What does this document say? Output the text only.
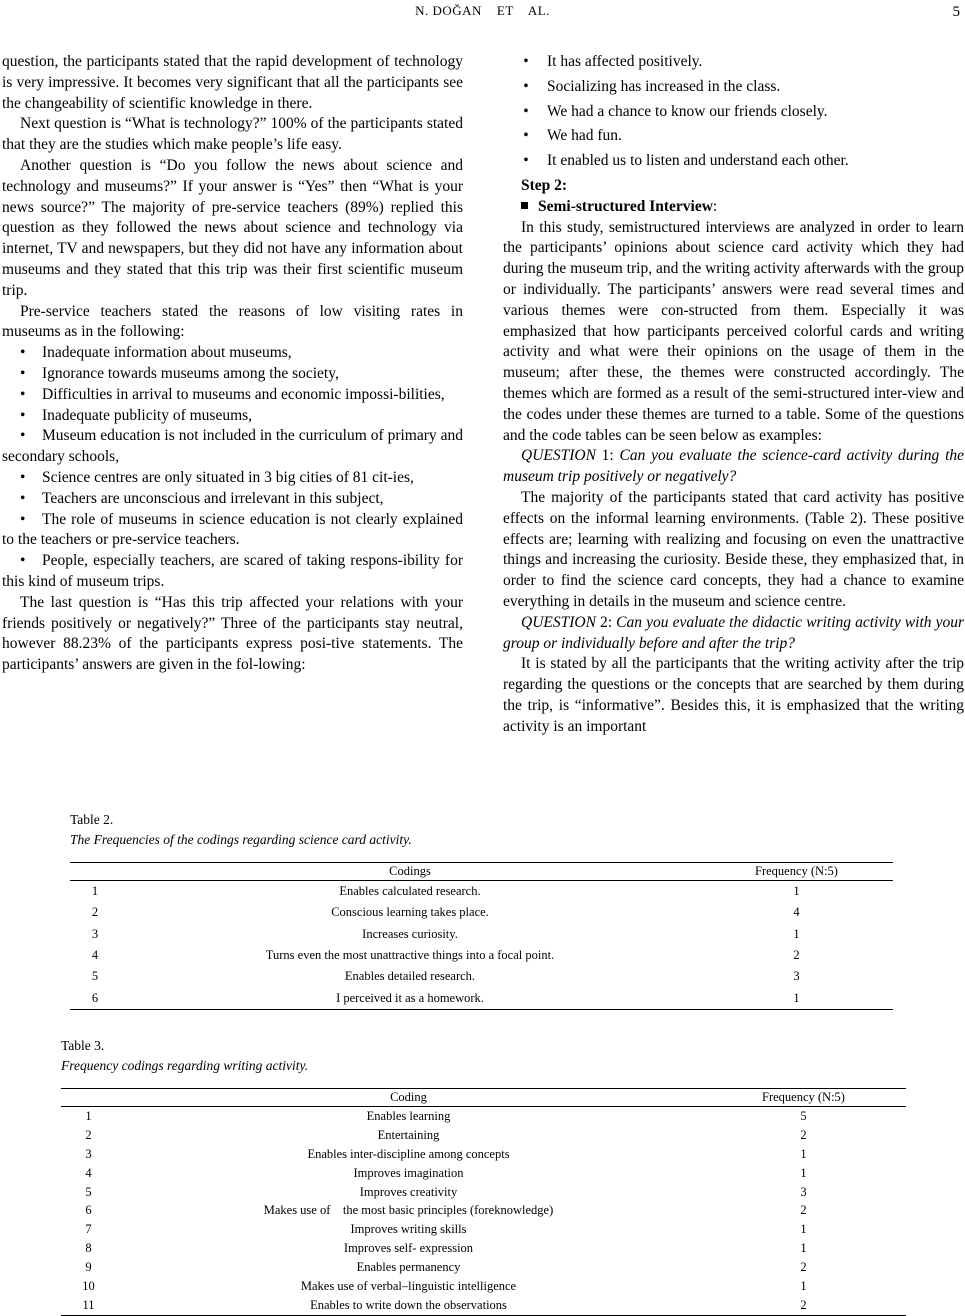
N. DOĞAN    ET    AL.	5

question, the participants stated that the rapid development of technology is very impressive. It becomes very significant that all the participants see the changeability of scientific knowledge in there.

Next question is “What is technology?” 100% of the participants stated that they are the studies which make people’s life easy.

Another question is “Do you follow the news about science and technology and museums?” If your answer is “Yes” then “What is your news source?” The majority of pre-service teachers (89%) replied this question as they followed the news about science and technology via internet, TV and newspapers, but they did not have any information about museums and they stated that this trip was their first scientific museum trip.

Pre-service teachers stated the reasons of low visiting rates in museums as in the following:

• Inadequate information about museums,

• Ignorance towards museums among the society,

• Difficulties in arrival to museums and economic impossi-bilities,

• Inadequate publicity of museums,

• Museum education is not included in the curriculum of primary and secondary schools,

• Science centres are only situated in 3 big cities of 81 cit-ies,

• Teachers are unconscious and irrelevant in this subject,

• The role of museums in science education is not clearly explained to the teachers or pre-service teachers.

• People, especially teachers, are scared of taking respons-ibility for this kind of museum trips.

The last question is “Has this trip affected your relations with your friends positively or negatively?” Three of the participants stay neutral, however 88.23% of the participants express posi-tive statements. The participants’ answers are given in the fol-lowing:

•	It has affected positively.
•	Socializing has increased in the class.
•	We had a chance to know our friends closely.
•	We had fun.
•	It enabled us to listen and understand each other.

Step 2:

Semi-structured Interview:

In this study, semistructured interviews are analyzed in order to learn the participants’ opinions about science card activity which they had during the museum trip, and the writing activity afterwards with the group or individually. The participants’ answers were read several times and various themes were con-structed from them. Especially it was emphasized that how participants perceived colorful cards and writing activity and what were their opinions on the usage of them in the museum; after these, the themes were constructed accordingly. The themes which are formed as a result of the semi-structured inter-view and the codes under these themes are turned to a table. Some of the questions and the code tables can be seen below as examples:

QUESTION 1: Can you evaluate the science-card activity during the museum trip positively or negatively?

The majority of the participants stated that card activity has positive effects on the informal learning environments. (Table 2). These positive effects are; learning with realizing and focusing on even the unattractive things and increasing the curiosity. Beside these, they emphasized that, in order to find the science card concepts, they had a chance to examine everything in details in the museum and science centre.

QUESTION 2: Can you evaluate the didactic writing activity with your group or individually before and after the trip?

It is stated by all the participants that the writing activity after the trip regarding the questions or the concepts that are searched by them during the trip, is “informative”. Besides this, it is emphasized that the writing activity is an important

Table 2.
The Frequencies of the codings regarding science card activity.
	Codings	Frequency (N:5)
1	Enables calculated research.	1
2	Conscious learning takes place.	4
3	Increases curiosity.	1
4	Turns even the most unattractive things into a focal point.	2
5	Enables detailed research.	3
6	I perceived it as a homework.	1
Table 3.
Frequency codings regarding writing activity.
	Coding	Frequency (N:5)
1	Enables learning	5
2	Entertaining	2
3	Enables inter-discipline among concepts	1
4	Improves imagination	1
5	Improves creativity	3
6	Makes use of    the most basic principles (foreknowledge)	2
7	Improves writing skills	1
8	Improves self- expression	1
9	Enables permanency	2
10	Makes use of verbal–linguistic intelligence	1
11	Enables to write down the observations	2
